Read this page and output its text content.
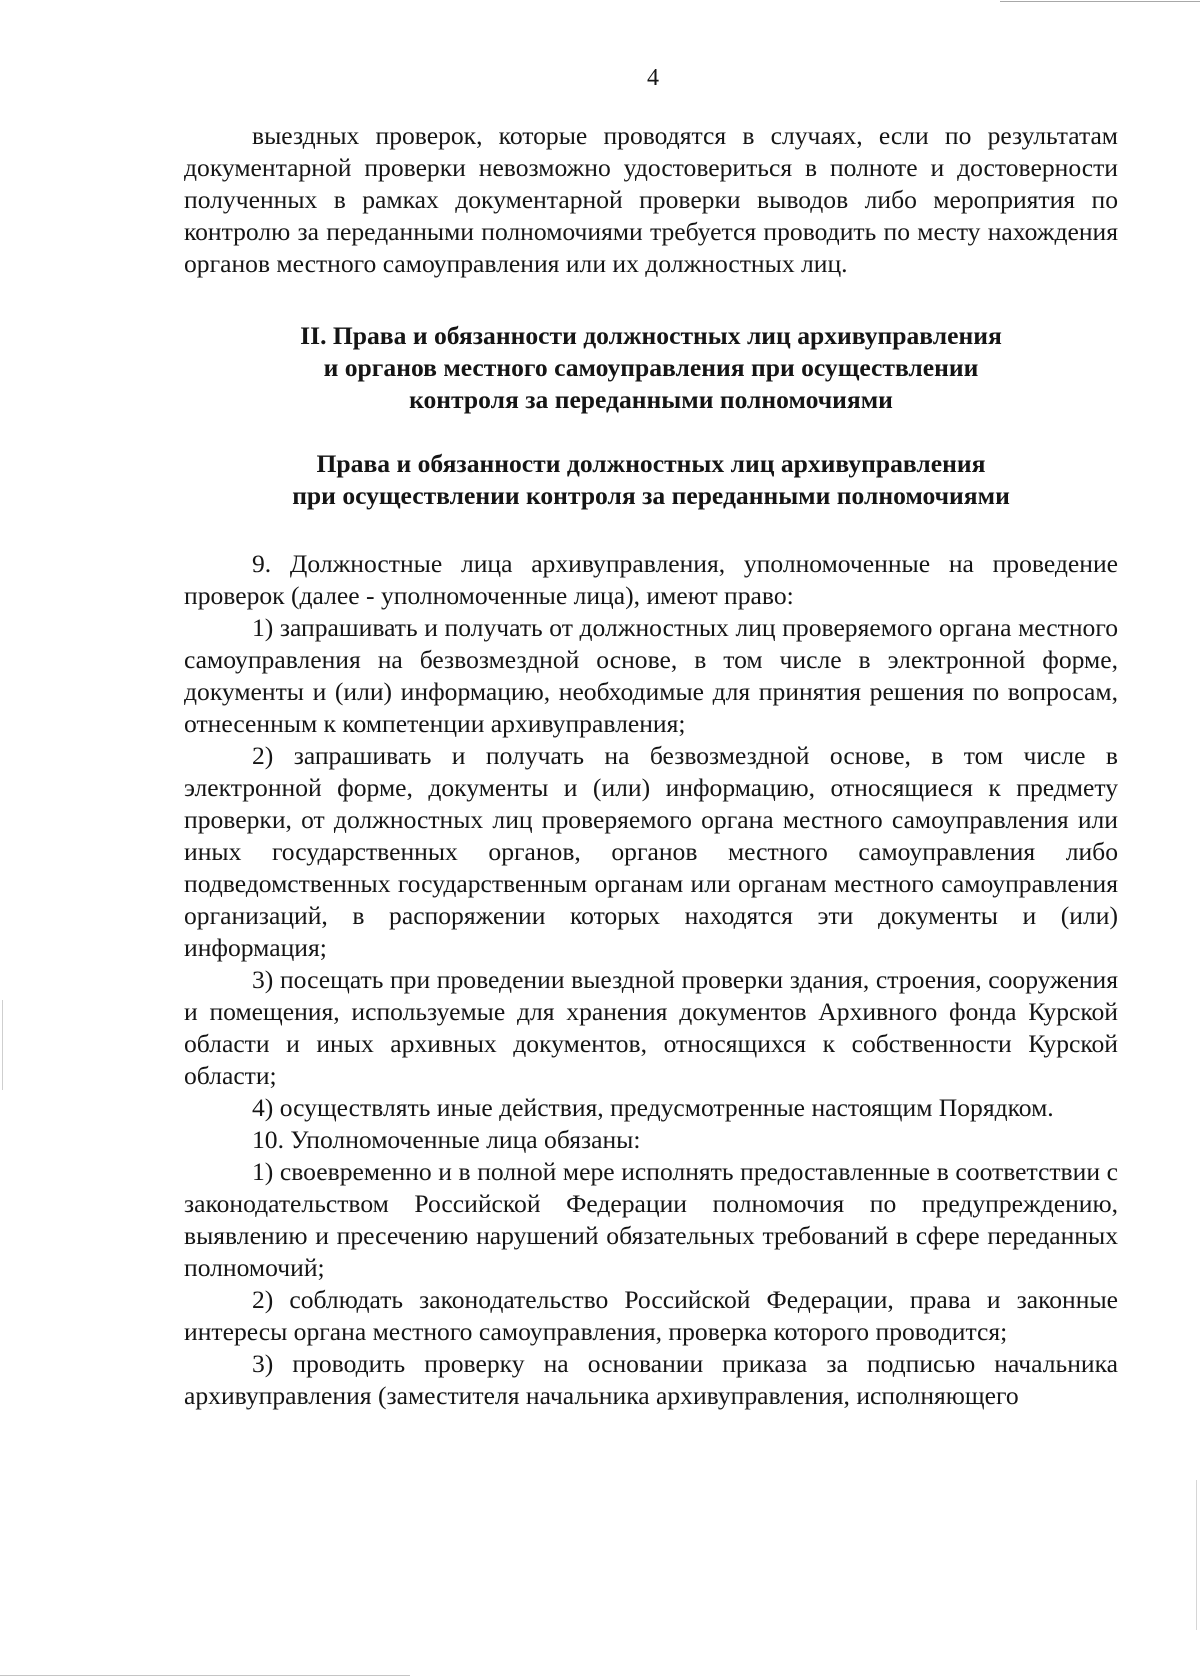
4

выездных проверок, которые проводятся в случаях, если по результатам документарной проверки невозможно удостовериться в полноте и достоверности полученных в рамках документарной проверки выводов либо мероприятия по контролю за переданными полномочиями требуется проводить по месту нахождения органов местного самоуправления или их должностных лиц.

II. Права и обязанности должностных лиц архивуправления
и органов местного самоуправления при осуществлении
контроля за переданными полномочиями
Права и обязанности должностных лиц архивуправления
при осуществлении контроля за переданными полномочиями

9. Должностные лица архивуправления, уполномоченные на проведение проверок (далее - уполномоченные лица), имеют право:

1) запрашивать и получать от должностных лиц проверяемого органа местного самоуправления на безвозмездной основе, в том числе в электронной форме, документы и (или) информацию, необходимые для принятия решения по вопросам, отнесенным к компетенции архивуправления;

2) запрашивать и получать на безвозмездной основе, в том числе в электронной форме, документы и (или) информацию, относящиеся к предмету проверки, от должностных лиц проверяемого органа местного самоуправления или иных государственных органов, органов местного самоуправления либо подведомственных государственным органам или органам местного самоуправления организаций, в распоряжении которых находятся эти документы и (или) информация;

3) посещать при проведении выездной проверки здания, строения, сооружения и помещения, используемые для хранения документов Архивного фонда Курской области и иных архивных документов, относящихся к собственности Курской области;

4) осуществлять иные действия, предусмотренные настоящим Порядком.

10. Уполномоченные лица обязаны:

1) своевременно и в полной мере исполнять предоставленные в соответствии с законодательством Российской Федерации полномочия по предупреждению, выявлению и пресечению нарушений обязательных требований в сфере переданных полномочий;

2) соблюдать законодательство Российской Федерации, права и законные интересы органа местного самоуправления, проверка которого проводится;

3) проводить проверку на основании приказа за подписью начальника архивуправления (заместителя начальника архивуправления, исполняющего
